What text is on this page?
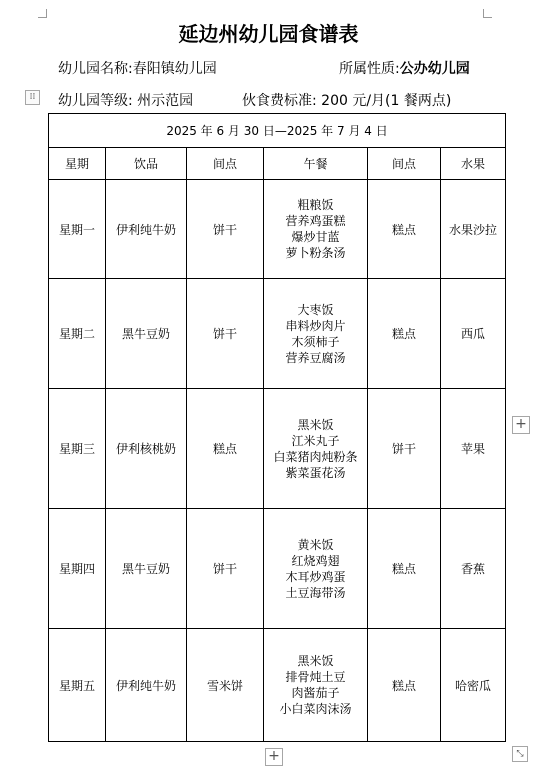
延边州幼儿园食谱表
幼儿园名称:春阳镇幼儿园	所属性质:公办幼儿园
⁞⁞	幼儿园等级: 州示范园	伙食费标准: 200 元/月(1 餐两点)
2025 年 6 月 30 日—2025 年 7 月 4 日					
星期	饮品	间点	午餐	间点	水果
星期一	伊利纯牛奶	饼干	粗粮饭
营养鸡蛋糕
爆炒甘蓝
萝卜粉条汤	糕点	水果沙拉
星期二	黑牛豆奶	饼干	大枣饭
串料炒肉片
木须柿子
营养豆腐汤	糕点	西瓜
星期三	伊利核桃奶	糕点	黑米饭
江米丸子
白菜猪肉炖粉条
紫菜蛋花汤	饼干	苹果
星期四	黑牛豆奶	饼干	黄米饭
红烧鸡翅
木耳炒鸡蛋
土豆海带汤	糕点	香蕉
星期五	伊利纯牛奶	雪米饼	黑米饭
排骨炖土豆
肉酱茄子
小白菜肉沫汤	糕点	哈密瓜
+
+	⤡
